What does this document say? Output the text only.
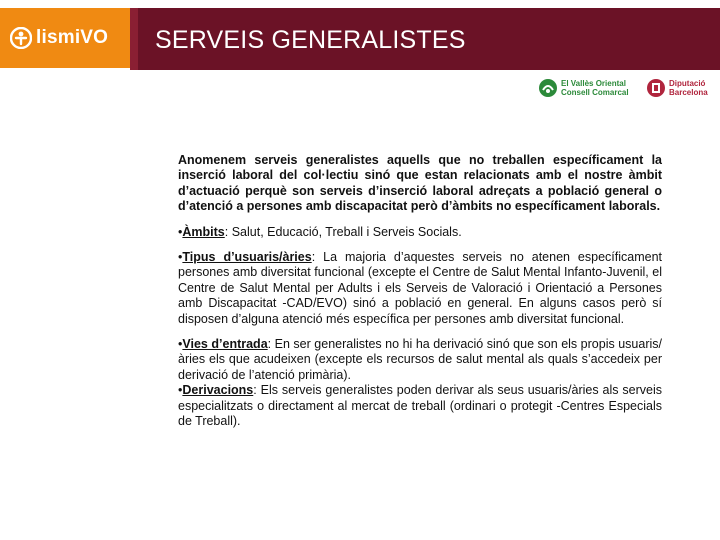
lismiVO SERVEIS GENERALISTES
El Vallès Oriental
Consell Comarcal
Diputació
Barcelona

Anomenem serveis generalistes aquells que no treballen específicament la inserció laboral del col·lectiu sinó que estan relacionats amb el nostre àmbit d’actuació perquè son serveis d’inserció laboral adreçats a població general o d’atenció a persones amb discapacitat però d’àmbits no específicament laborals.

•Àmbits: Salut, Educació, Treball i Serveis Socials.

•Tipus d’usuaris/àries: La majoria d’aquestes serveis no atenen específicament persones amb diversitat funcional (excepte el Centre de Salut Mental Infanto-Juvenil, el Centre de Salut Mental per Adults i els Serveis de Valoració i Orientació a Persones amb Discapacitat -CAD/EVO) sinó a població en general. En alguns casos però sí disposen d’alguna atenció més específica per persones amb diversitat funcional.

•Vies d’entrada: En ser generalistes no hi ha derivació sinó que son els propis usuaris/àries els que acudeixen (excepte els recursos de salut mental als quals s’accedeix per derivació de l’atenció primària).

•Derivacions: Els serveis generalistes poden derivar als seus usuaris/àries als serveis especialitzats o directament al mercat de treball (ordinari o protegit -Centres Especials de Treball).
